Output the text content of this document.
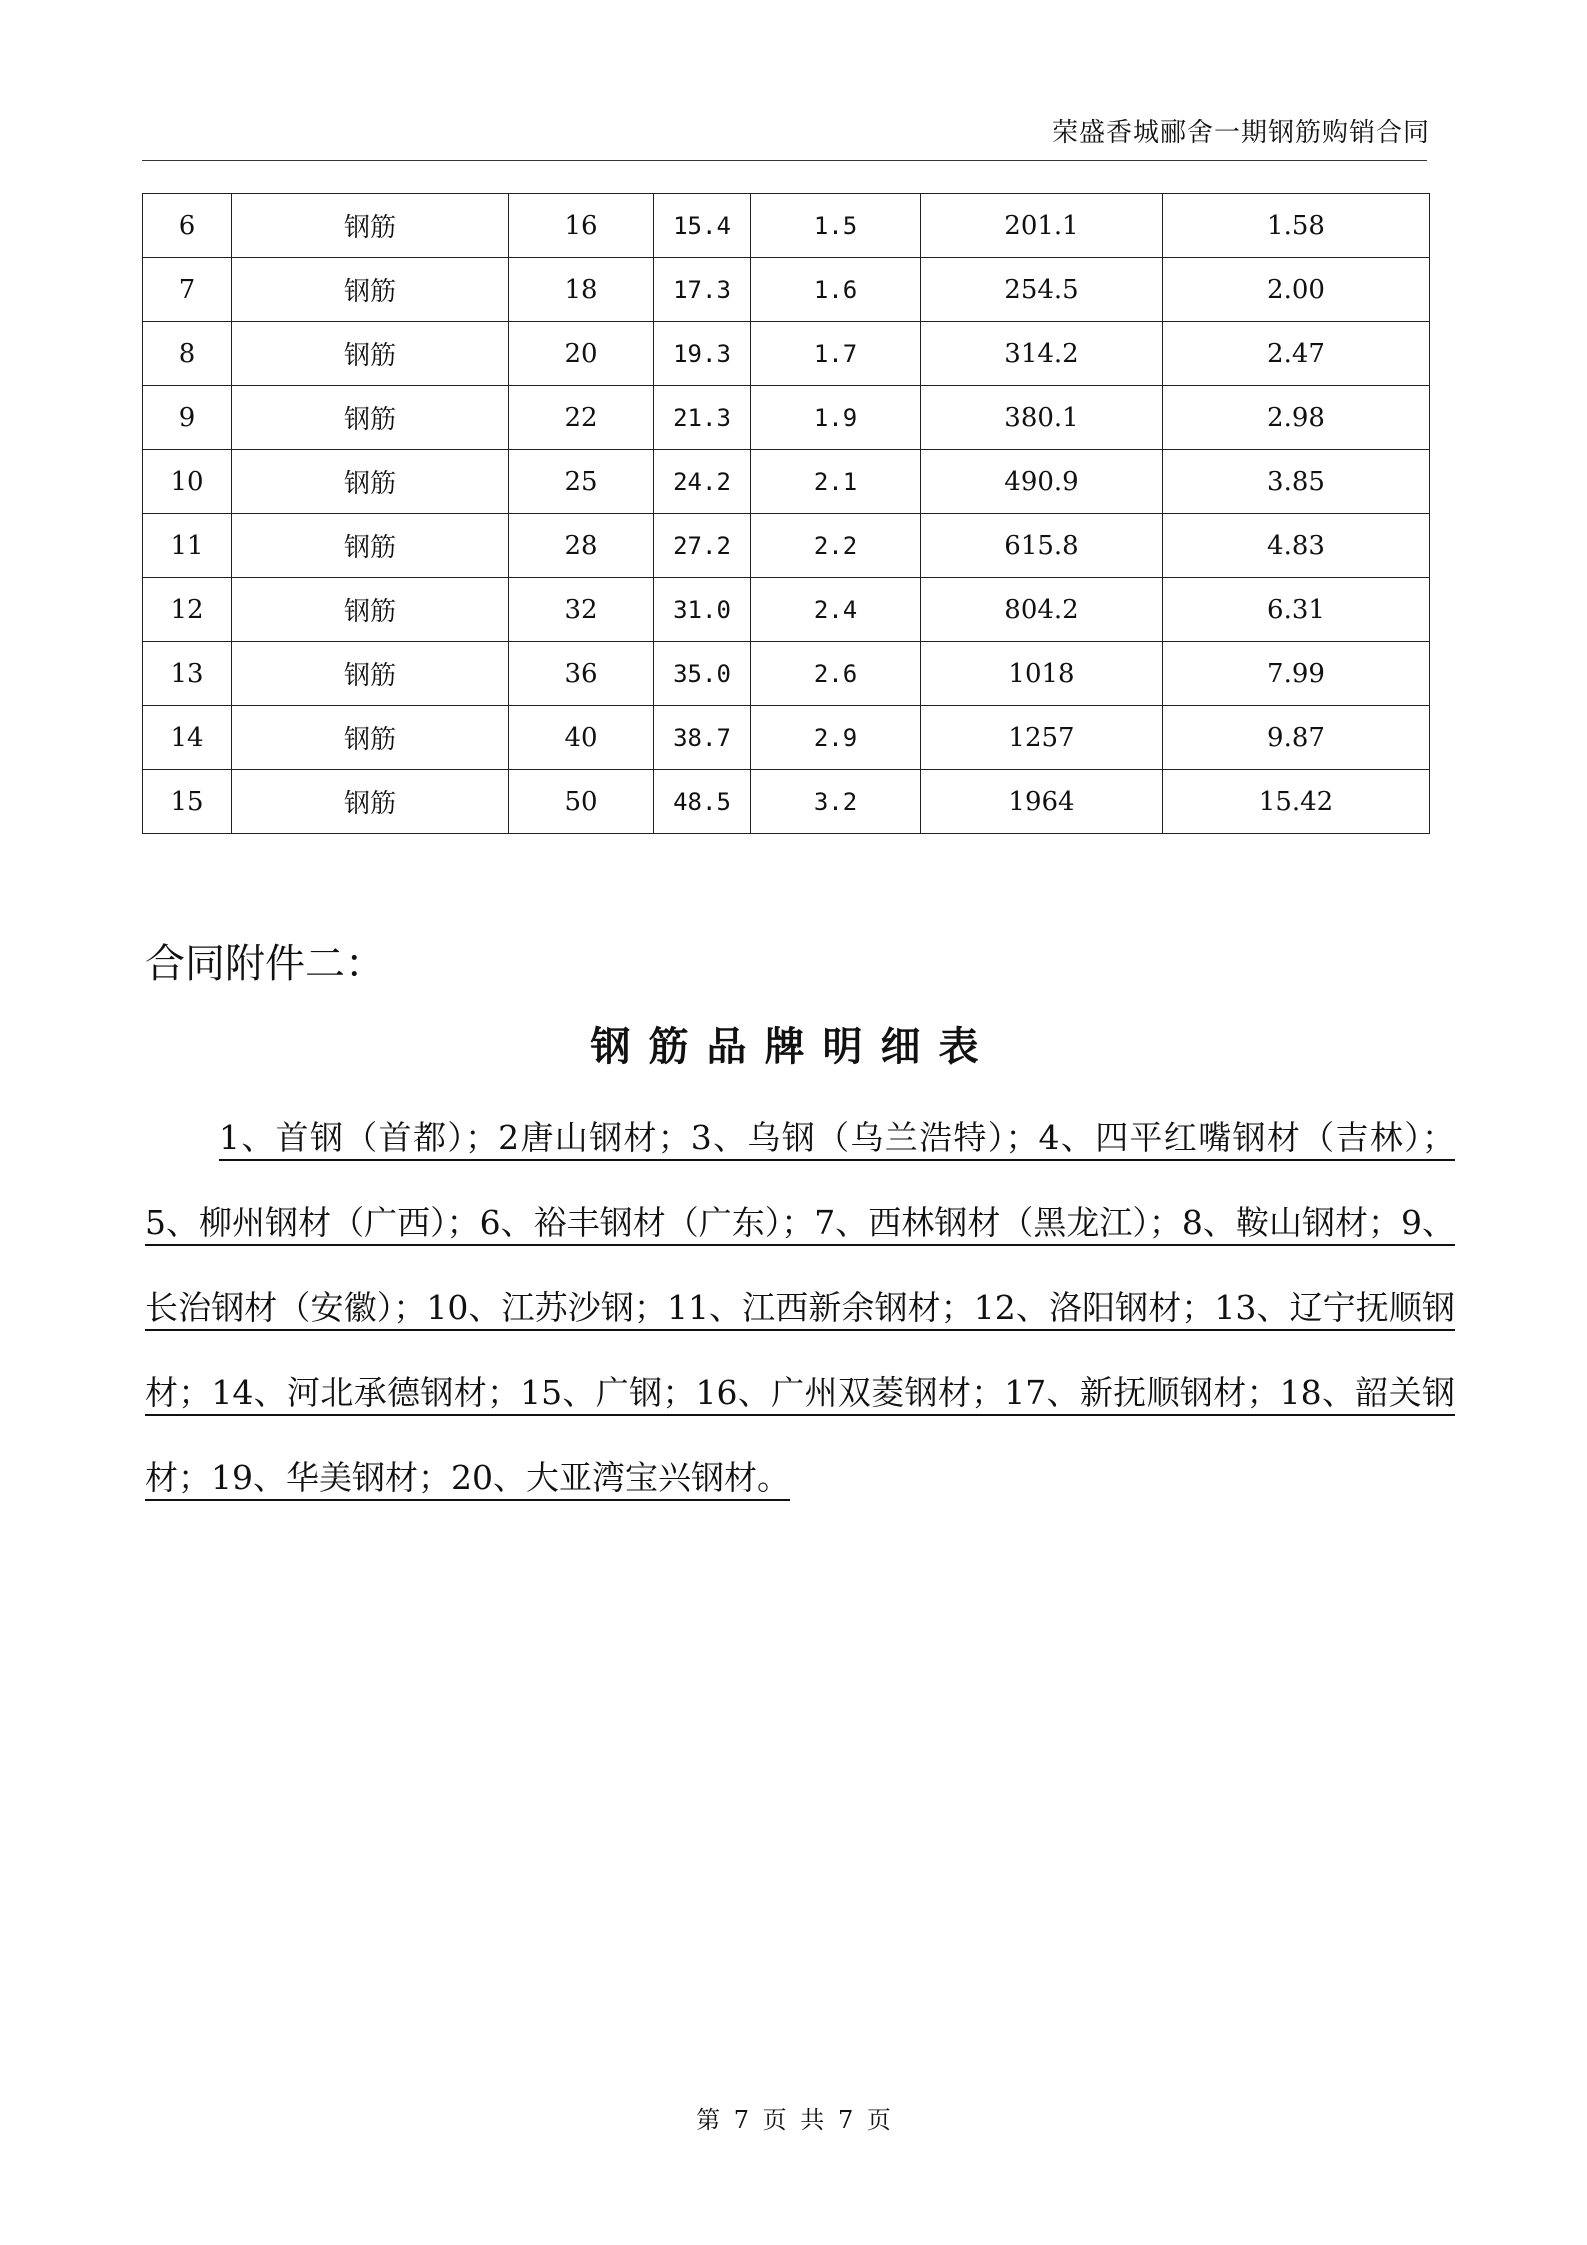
荣盛香城郦舍一期钢筋购销合同
6	钢筋	16	15.4	1.5	201.1	1.58
7	钢筋	18	17.3	1.6	254.5	2.00
8	钢筋	20	19.3	1.7	314.2	2.47
9	钢筋	22	21.3	1.9	380.1	2.98
10	钢筋	25	24.2	2.1	490.9	3.85
11	钢筋	28	27.2	2.2	615.8	4.83
12	钢筋	32	31.0	2.4	804.2	6.31
13	钢筋	36	35.0	2.6	1018	7.99
14	钢筋	40	38.7	2.9	1257	9.87
15	钢筋	50	48.5	3.2	1964	15.42
合同附件二：
钢筋品牌明细表
1、首钢（首都）；2唐山钢材；3、乌钢（乌兰浩特）；4、四平红嘴钢材（吉林）；5、柳州钢材（广西）；6、裕丰钢材（广东）；7、西林钢材（黑龙江）；8、鞍山钢材；9、长治钢材（安徽）；10、江苏沙钢；11、江西新余钢材；12、洛阳钢材；13、辽宁抚顺钢材；14、河北承德钢材；15、广钢；16、广州双菱钢材；17、新抚顺钢材；18、韶关钢材；19、华美钢材；20、大亚湾宝兴钢材。
第 7 页 共 7 页
